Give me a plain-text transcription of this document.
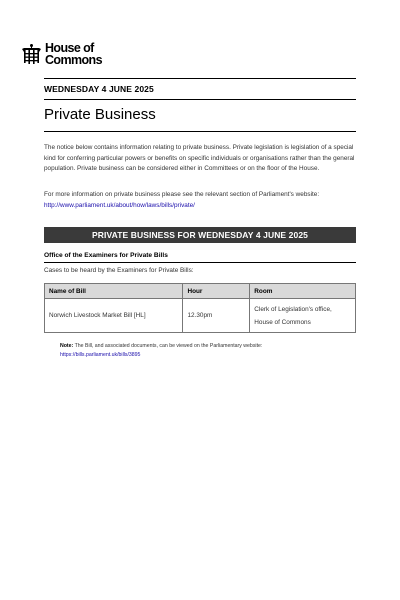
House of
Commons
WEDNESDAY 4 JUNE 2025
Private Business

The notice below contains information relating to private business. Private legislation is legislation of a special kind for conferring particular powers or benefits on specific individuals or organisations rather than the general population. Private business can be considered either in Committees or on the floor of the House.

For more information on private business please see the relevant section of Parliament's website: http://www.parliament.uk/about/how/laws/bills/private/

PRIVATE BUSINESS FOR WEDNESDAY 4 JUNE 2025
Office of the Examiners for Private Bills

Cases to be heard by the Examiners for Private Bills:

Name of Bill	Hour	Room
Norwich Livestock Market Bill [HL]	12.30pm	Clerk of Legislation's office,
House of Commons

Note: The Bill, and associated documents, can be viewed on the Parliamentary website:
https://bills.parliament.uk/bills/3895
